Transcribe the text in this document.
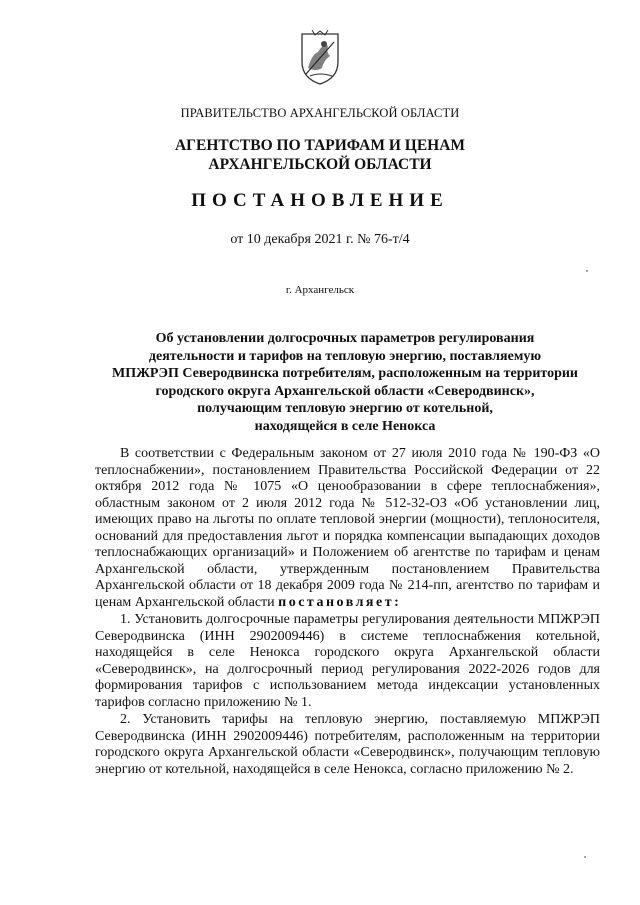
ПРАВИТЕЛЬСТВО АРХАНГЕЛЬСКОЙ ОБЛАСТИ
АГЕНТСТВО ПО ТАРИФАМ И ЦЕНАМ
АРХАНГЕЛЬСКОЙ ОБЛАСТИ
ПОСТАНОВЛЕНИЕ
от 10 декабря 2021 г. № 76-т/4
г. Архангельск
Об установлении долгосрочных параметров регулирования
деятельности и тарифов на тепловую энергию, поставляемую
МПЖРЭП Северодвинска потребителям, расположенным на территории
городского округа Архангельской области «Северодвинск»,
получающим тепловую энергию от котельной,
находящейся в селе Ненокса

В соответствии с Федеральным законом от 27 июля 2010 года № 190-ФЗ «О теплоснабжении», постановлением Правительства Российской Федерации от 22 октября 2012 года № 1075 «О ценообразовании в сфере теплоснабжения», областным законом от 2 июля 2012 года № 512-32-ОЗ «Об установлении лиц, имеющих право на льготы по оплате тепловой энергии (мощности), теплоносителя, оснований для предоставления льгот и порядка компенсации выпадающих доходов теплоснабжающих организаций» и Положением об агентстве по тарифам и ценам Архангельской области, утвержденным постановлением Правительства Архангельской области от 18 декабря 2009 года № 214-пп, агентство по тарифам и ценам Архангельской области постановляет:

1. Установить долгосрочные параметры регулирования деятельности МПЖРЭП Северодвинска (ИНН 2902009446) в системе теплоснабжения котельной, находящейся в селе Ненокса городского округа Архангельской области «Северодвинск», на долгосрочный период регулирования 2022-2026 годов для формирования тарифов с использованием метода индексации установленных тарифов согласно приложению № 1.

2. Установить тарифы на тепловую энергию, поставляемую МПЖРЭП Северодвинска (ИНН 2902009446) потребителям, расположенным на территории городского округа Архангельской области «Северодвинск», получающим тепловую энергию от котельной, находящейся в селе Ненокса, согласно приложению № 2.
